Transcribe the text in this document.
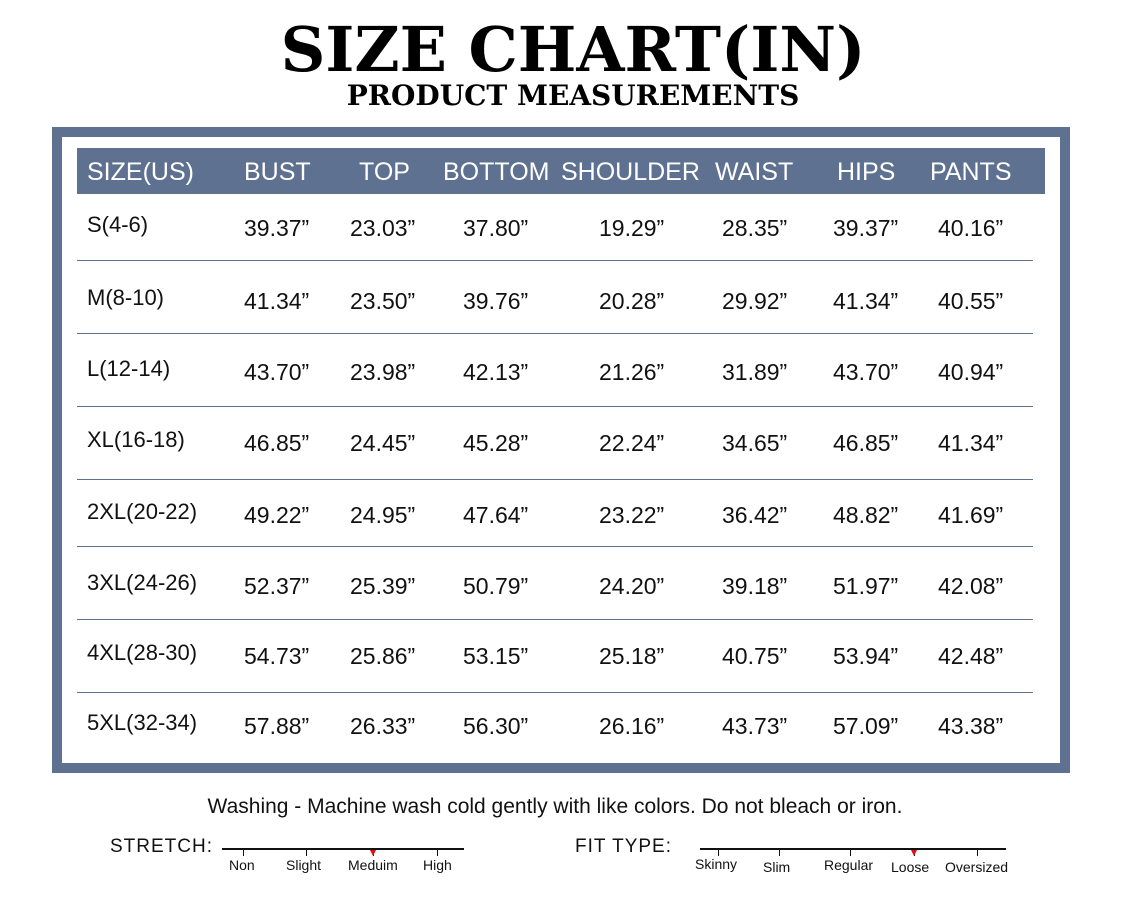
SIZE CHART(IN)
PRODUCT MEASUREMENTS
SIZE(US) BUST TOP BOTTOM SHOULDER WAIST HIPS PANTS
S(4-6)	39.37” 23.03” 37.80”	19.29”	28.35” 39.37” 40.16”
M(8-10)	41.34” 23.50” 39.76”	20.28”	29.92” 41.34” 40.55”
L(12-14)	43.70” 23.98” 42.13”	21.26”	31.89” 43.70” 40.94”
XL(16-18)	46.85” 24.45” 45.28”	22.24”	34.65” 46.85” 41.34”
2XL(20-22) 49.22” 24.95” 47.64”	23.22”	36.42” 48.82” 41.69”
3XL(24-26) 52.37” 25.39” 50.79”	24.20”	39.18” 51.97” 42.08”
4XL(28-30) 54.73” 25.86” 53.15”	25.18”	40.75” 53.94” 42.48”
5XL(32-34) 57.88” 26.33” 56.30”	26.16”	43.73” 57.09” 43.38”
Washing - Machine wash cold gently with like colors. Do not bleach or iron.
STRETCH:
Non Slight Meduim High
FIT TYPE:
Skinny Slim Regular Loose Oversized
